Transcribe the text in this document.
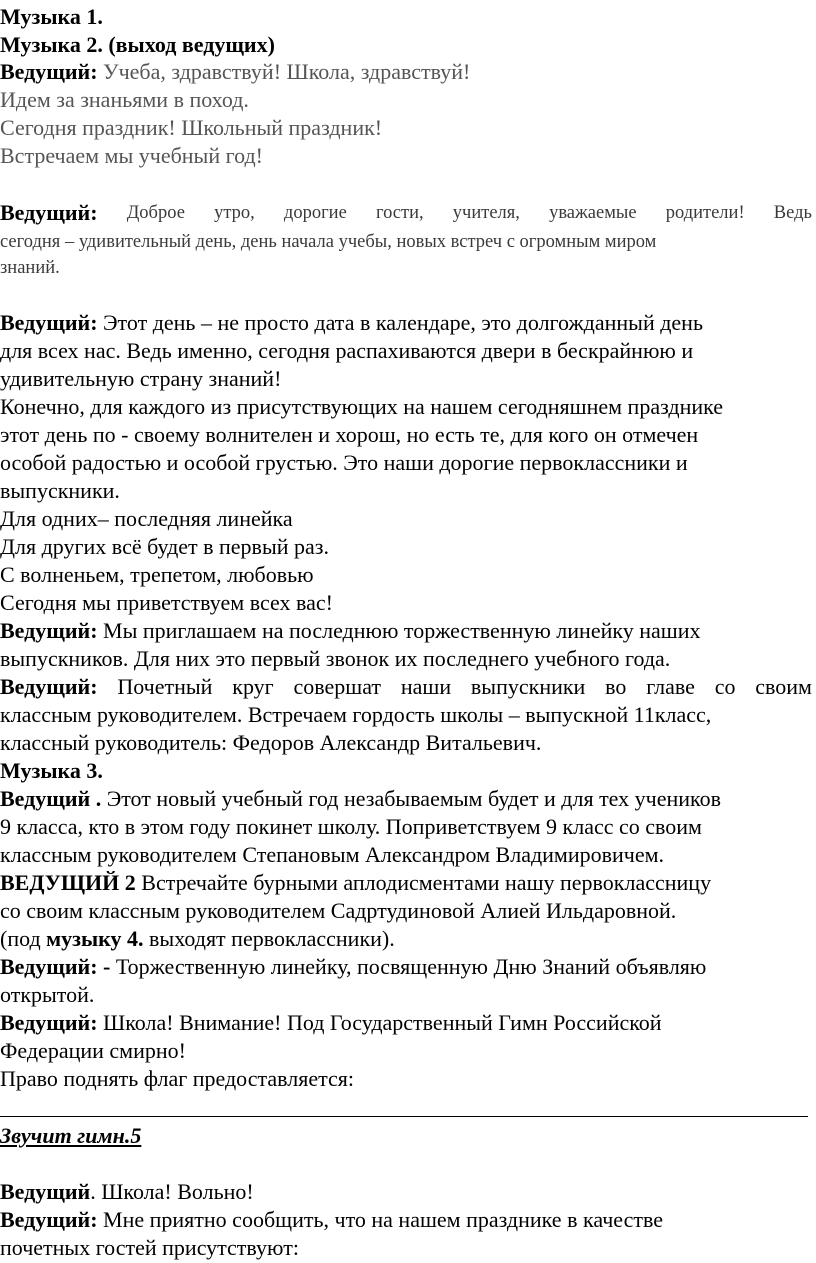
Музыка 1.

Музыка 2. (выход ведущих)

Ведущий: Учеба, здравствуй! Школа, здравствуй!

Идем за знаньями в поход.

Сегодня праздник! Школьный праздник!

Встречаем мы учебный год!

Ведущий: Доброе утро, дорогие гости, учителя, уважаемые родители! Ведь

сегодня – удивительный день, день начала учебы, новых встреч с огромным миром

знаний.

Ведущий: Этот день – не просто дата в календаре, это долгожданный день

для всех нас. Ведь именно, сегодня распахиваются двери в бескрайнюю и

удивительную страну знаний!

Конечно, для каждого из присутствующих на нашем сегодняшнем празднике

этот день по - своему волнителен и хорош, но есть те, для кого он отмечен

особой радостью и особой грустью. Это наши дорогие первоклассники и

выпускники.

Для одних– последняя линейка

Для других всё будет в первый раз.

С волненьем, трепетом, любовью

Сегодня мы приветствуем всех вас!

Ведущий: Мы приглашаем на последнюю торжественную линейку наших

выпускников. Для них это первый звонок их последнего учебного года.

Ведущий: Почетный круг совершат наши выпускники во главе со своим

классным руководителем. Встречаем гордость школы – выпускной 11класс,

классный руководитель: Федоров Александр Витальевич.

Музыка 3.

Ведущий . Этот новый учебный год незабываемым будет и для тех учеников

9 класса, кто в этом году покинет школу. Поприветствуем 9 класс со своим

классным руководителем Степановым Александром Владимировичем.

ВЕДУЩИЙ 2 Встречайте бурными аплодисментами нашу первоклассницу

со своим классным руководителем Садртудиновой Алией Ильдаровной.

(под музыку 4. выходят первоклассники).

Ведущий: - Торжественную линейку, посвященную Дню Знаний объявляю

открытой.

Ведущий: Школа! Внимание! Под Государственный Гимн Российской

Федерации смирно!

Право поднять флаг предоставляется:

Звучит гимн.5

Ведущий. Школа! Вольно!

Ведущий: Мне приятно сообщить, что на нашем празднике в качестве

почетных гостей присутствуют:
